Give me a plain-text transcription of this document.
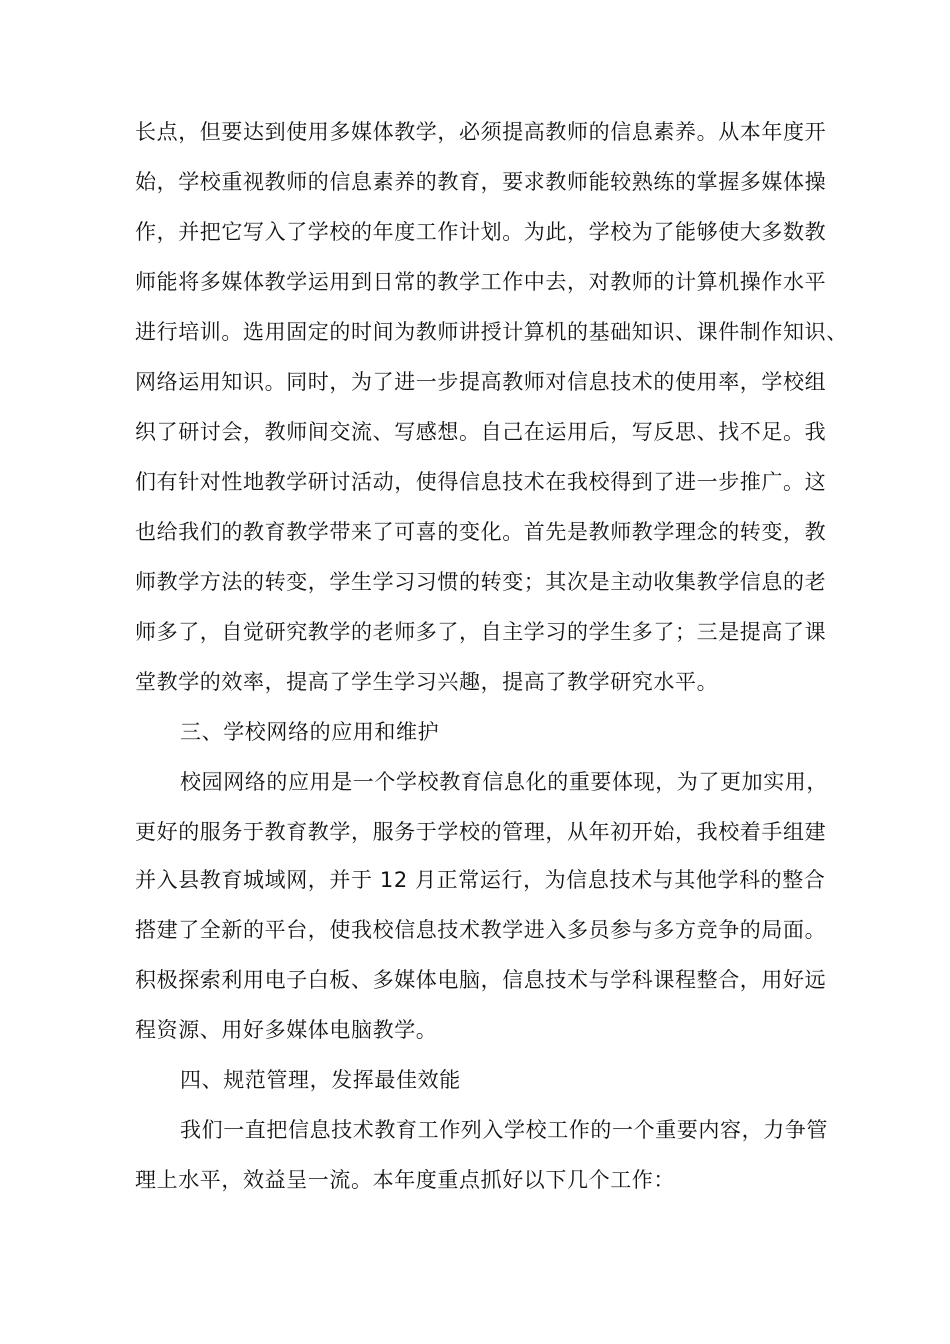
长点，但要达到使用多媒体教学，必须提高教师的信息素养。从本年度开
始，学校重视教师的信息素养的教育，要求教师能较熟练的掌握多媒体操
作，并把它写入了学校的年度工作计划。为此，学校为了能够使大多数教
师能将多媒体教学运用到日常的教学工作中去，对教师的计算机操作水平
进行培训。选用固定的时间为教师讲授计算机的基础知识、课件制作知识、
网络运用知识。同时，为了进一步提高教师对信息技术的使用率，学校组
织了研讨会，教师间交流、写感想。自己在运用后，写反思、找不足。我
们有针对性地教学研讨活动，使得信息技术在我校得到了进一步推广。这
也给我们的教育教学带来了可喜的变化。首先是教师教学理念的转变，教
师教学方法的转变，学生学习习惯的转变；其次是主动收集教学信息的老
师多了，自觉研究教学的老师多了，自主学习的学生多了；三是提高了课
堂教学的效率，提高了学生学习兴趣，提高了教学研究水平。
三、学校网络的应用和维护
校园网络的应用是一个学校教育信息化的重要体现，为了更加实用，
更好的服务于教育教学，服务于学校的管理，从年初开始，我校着手组建
并入县教育城域网，并于 12 月正常运行，为信息技术与其他学科的整合
搭建了全新的平台，使我校信息技术教学进入多员参与多方竞争的局面。
积极探索利用电子白板、多媒体电脑，信息技术与学科课程整合，用好远
程资源、用好多媒体电脑教学。
四、规范管理，发挥最佳效能
我们一直把信息技术教育工作列入学校工作的一个重要内容，力争管
理上水平，效益呈一流。本年度重点抓好以下几个工作：
